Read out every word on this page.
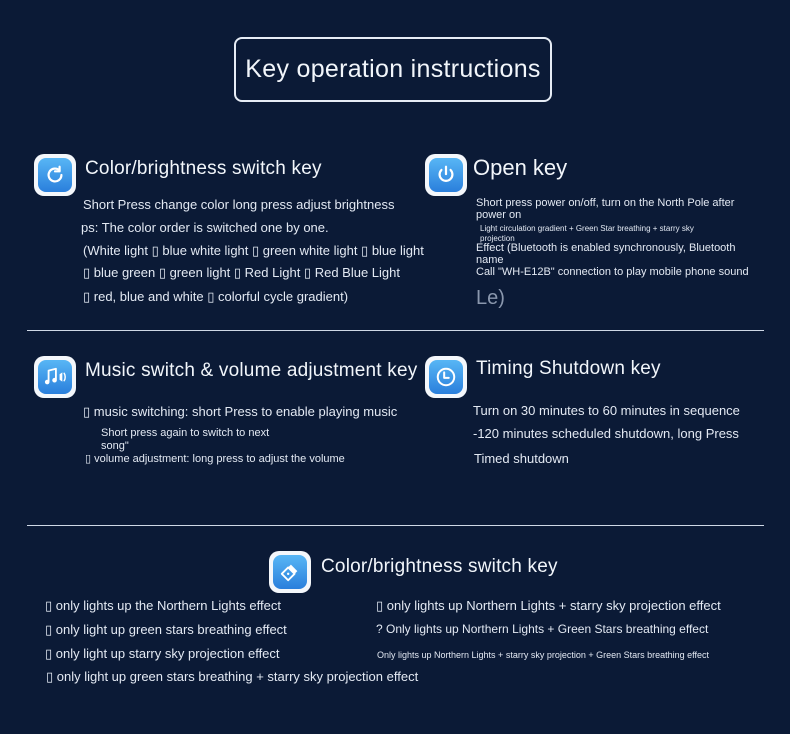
Key operation instructions
Color/brightness switch key
Short Press change color long press adjust brightness
ps: The color order is switched one by one.
(White light ▯ blue white light ▯ green white light ▯ blue light
▯ blue green ▯ green light ▯ Red Light ▯ Red Blue Light
▯ red, blue and white ▯ colorful cycle gradient)
Open key
Short press power on/off, turn on the North Pole after
power on
Light circulation gradient + Green Star breathing + starry sky
projection
Effect (Bluetooth is enabled synchronously, Bluetooth
name
Call "WH-E12B" connection to play mobile phone sound
Le)
Music switch & volume adjustment key
▯ music switching: short Press to enable playing music
Short press again to switch to next
song"
▯ volume adjustment: long press to adjust the volume
Timing Shutdown key
Turn on 30 minutes to 60 minutes in sequence
-120 minutes scheduled shutdown, long Press
Timed shutdown
Color/brightness switch key
▯ only lights up the Northern Lights effect
▯ only light up green stars breathing effect
▯ only light up starry sky projection effect
▯ only light up green stars breathing + starry sky projection effect
▯ only lights up Northern Lights + starry sky projection effect
? Only lights up Northern Lights + Green Stars breathing effect
Only lights up Northern Lights + starry sky projection + Green Stars breathing effect
